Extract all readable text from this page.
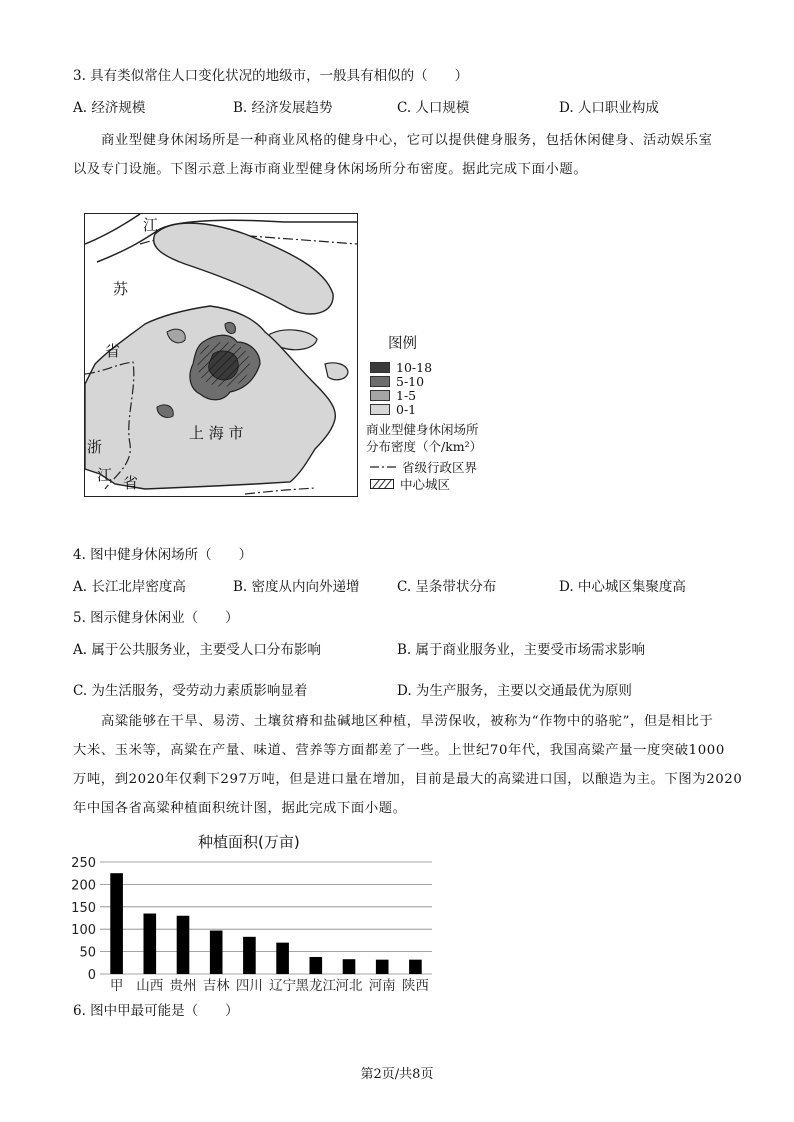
3. 具有类似常住人口变化状况的地级市，一般具有相似的（　　）
A. 经济规模	B. 经济发展趋势	C. 人口规模	D. 人口职业构成
商业型健身休闲场所是一种商业风格的健身中心，它可以提供健身服务，包括休闲健身、活动娱乐室
以及专门设施。下图示意上海市商业型健身休闲场所分布密度。据此完成下面小题。
江
苏
省
浙
江 省
上 海 市
图例
10-18
5-10
1-5
0-1
商业型健身休闲场所
分布密度（个/km²）
省级行政区界
中心城区
4. 图中健身休闲场所（　　）
A. 长江北岸密度高	B. 密度从内向外递增	C. 呈条带状分布	D. 中心城区集聚度高
5. 图示健身休闲业（　　）
A. 属于公共服务业，主要受人口分布影响	B. 属于商业服务业，主要受市场需求影响
C. 为生活服务，受劳动力素质影响显着	D. 为生产服务，主要以交通最优为原则
高粱能够在干旱、易涝、土壤贫瘠和盐碱地区种植，旱涝保收，被称为“作物中的骆驼”，但是相比于
大米、玉米等，高粱在产量、味道、营养等方面都差了一些。上世纪70年代，我国高粱产量一度突破1000
万吨，到2020年仅剩下297万吨，但是进口量在增加，目前是最大的高粱进口国，以酿造为主。下图为2020
年中国各省高粱种植面积统计图，据此完成下面小题。
种植面积(万亩)
0
50
100
150
200
250
甲 山西 贵州 吉林 四川 辽宁 黑龙江 河北 河南 陕西
6. 图中甲最可能是（　　）
第2页/共8页
